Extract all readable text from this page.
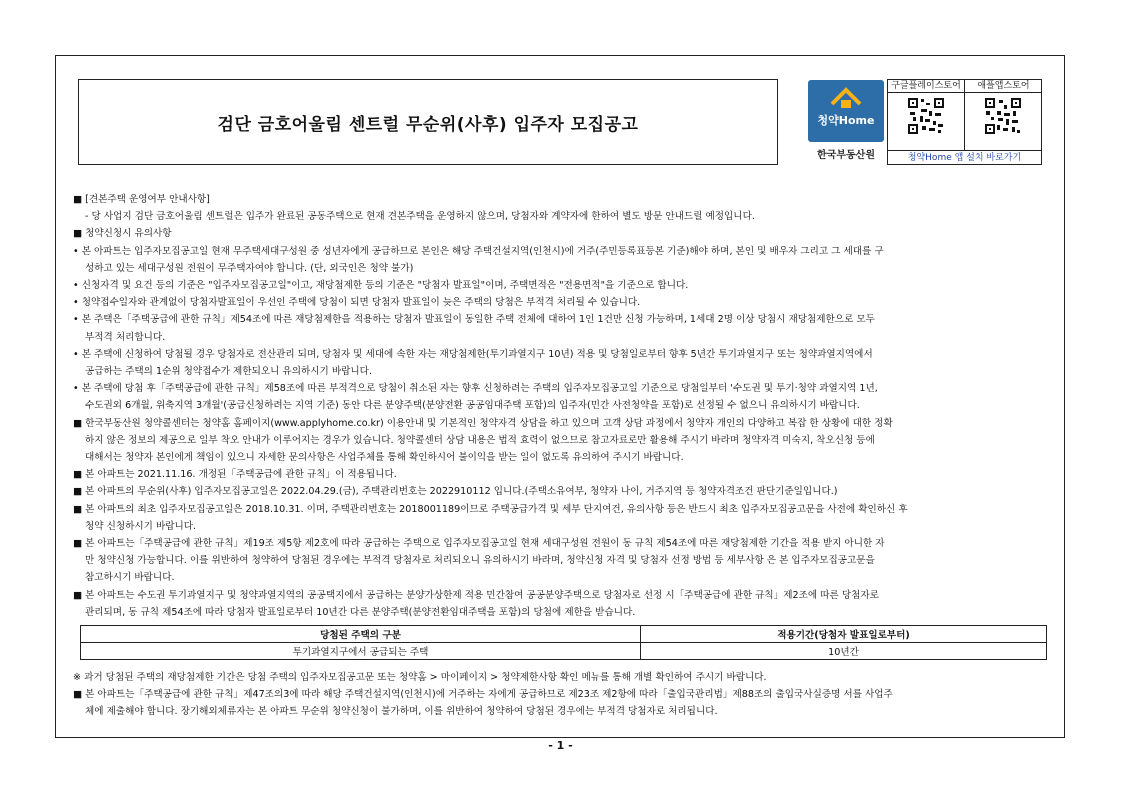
검단 금호어울림 센트럴 무순위(사후) 입주자 모집공고	청약Home
한국부동산원
구글플레이스토어	애플앱스토어
청약Home 앱 설치 바로가기
■ [견본주택 운영여부 안내사항]
- 당 사업지 검단 금호어울림 센트럴은 입주가 완료된 공동주택으로 현재 견본주택을 운영하지 않으며, 당첨자와 계약자에 한하여 별도 방문 안내드릴 예정입니다.
■ 청약신청시 유의사항
• 본 아파트는 입주자모집공고일 현재 무주택세대구성원 중 성년자에게 공급하므로 본인은 해당 주택건설지역(인천시)에 거주(주민등록표등본 기준)해야 하며, 본인 및 배우자 그리고 그 세대를 구
성하고 있는 세대구성원 전원이 무주택자여야 합니다. (단, 외국인은 청약 불가)
• 신청자격 및 요건 등의 기준은 "입주자모집공고일"이고, 재당첨제한 등의 기준은 "당첨자 발표일"이며, 주택면적은 "전용면적"을 기준으로 합니다.
• 청약접수일자와 관계없이 당첨자발표일이 우선인 주택에 당첨이 되면 당첨자 발표일이 늦은 주택의 당첨은 부적격 처리될 수 있습니다.
• 본 주택은「주택공급에 관한 규칙」제54조에 따른 재당첨제한을 적용하는 당첨자 발표일이 동일한 주택 전체에 대하여 1인 1건만 신청 가능하며, 1세대 2명 이상 당첨시 재당첨제한으로 모두
부적격 처리합니다.
• 본 주택에 신청하여 당첨될 경우 당첨자로 전산관리 되며, 당첨자 및 세대에 속한 자는 재당첨제한(투기과열지구 10년) 적용 및 당첨일로부터 향후 5년간 투기과열지구 또는 청약과열지역에서
공급하는 주택의 1순위 청약접수가 제한되오니 유의하시기 바랍니다.
• 본 주택에 당첨 후「주택공급에 관한 규칙」제58조에 따른 부적격으로 당첨이 취소된 자는 향후 신청하려는 주택의 입주자모집공고일 기준으로 당첨일부터 '수도권 및 투기·청약 과열지역 1년,
수도권외 6개월, 위축지역 3개월'(공급신청하려는 지역 기준) 동안 다른 분양주택(분양전환 공공임대주택 포함)의 입주자(민간 사전청약을 포함)로 선정될 수 없으니 유의하시기 바랍니다.
■ 한국부동산원 청약콜센터는 청약홈 홈페이지(www.applyhome.co.kr) 이용안내 및 기본적인 청약자격 상담을 하고 있으며 고객 상담 과정에서 청약자 개인의 다양하고 복잡 한 상황에 대한 정확
하지 않은 정보의 제공으로 일부 착오 안내가 이루어지는 경우가 있습니다. 청약콜센터 상담 내용은 법적 효력이 없으므로 참고자료로만 활용해 주시기 바라며 청약자격 미숙지, 착오신청 등에
대해서는 청약자 본인에게 책임이 있으니 자세한 문의사항은 사업주체를 통해 확인하시어 불이익을 받는 일이 없도록 유의하여 주시기 바랍니다.
■ 본 아파트는 2021.11.16. 개정된「주택공급에 관한 규칙」이 적용됩니다.
■ 본 아파트의 무순위(사후) 입주자모집공고일은 2022.04.29.(금), 주택관리번호는 2022910112 입니다.(주택소유여부, 청약자 나이, 거주지역 등 청약자격조건 판단기준일입니다.)
■ 본 아파트의 최초 입주자모집공고일은 2018.10.31. 이며, 주택관리번호는 2018001189이므로 주택공급가격 및 세부 단지여건, 유의사항 등은 반드시 최초 입주자모집공고문을 사전에 확인하신 후
청약 신청하시기 바랍니다.
■ 본 아파트는「주택공급에 관한 규칙」제19조 제5항 제2호에 따라 공급하는 주택으로 입주자모집공고일 현재 세대구성원 전원이 동 규칙 제54조에 따른 재당첨제한 기간을 적용 받지 아니한 자
만 청약신청 가능합니다. 이를 위반하여 청약하여 당첨된 경우에는 부적격 당첨자로 처리되오니 유의하시기 바라며, 청약신청 자격 및 당첨자 선정 방법 등 세부사항 은 본 입주자모집공고문을
참고하시기 바랍니다.
■ 본 아파트는 수도권 투기과열지구 및 청약과열지역의 공공택지에서 공급하는 분양가상한제 적용 민간참여 공공분양주택으로 당첨자로 선정 시「주택공급에 관한 규칙」제2조에 따른 당첨자로
관리되며, 동 규칙 제54조에 따라 당첨자 발표일로부터 10년간 다른 분양주택(분양전환임대주택을 포함)의 당첨에 제한을 받습니다.
당첨된 주택의 구분	적용기간(당첨자 발표일로부터)
투기과열지구에서 공급되는 주택	10년간
※ 과거 당첨된 주택의 재당첨제한 기간은 당첨 주택의 입주자모집공고문 또는 청약홈 > 마이페이지 > 청약제한사항 확인 메뉴를 통해 개별 확인하여 주시기 바랍니다.
■ 본 아파트는「주택공급에 관한 규칙」제47조의3에 따라 해당 주택건설지역(인천시)에 거주하는 자에게 공급하므로 제23조 제2항에 따라「출입국관리법」제88조의 출입국사실증명 서를 사업주
체에 제출해야 합니다. 장기해외체류자는 본 아파트 무순위 청약신청이 불가하며, 이를 위반하여 청약하여 당첨된 경우에는 부적격 당첨자로 처리됩니다.
- 1 -
